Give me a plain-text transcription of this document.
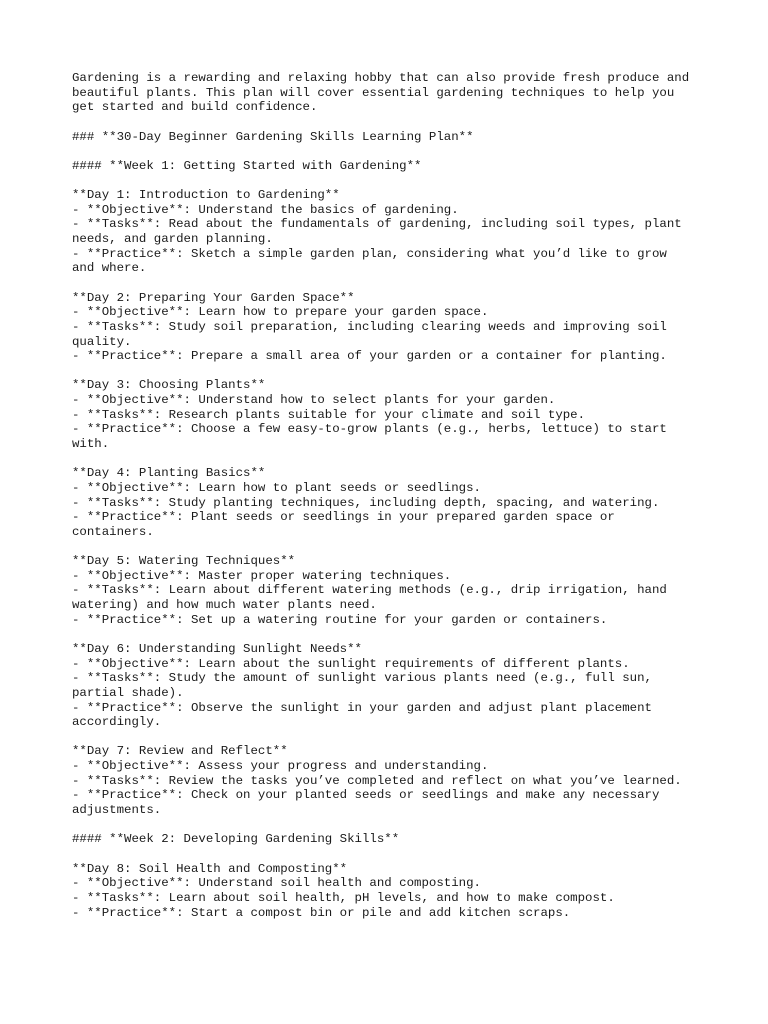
Gardening is a rewarding and relaxing hobby that can also provide fresh produce and
beautiful plants. This plan will cover essential gardening techniques to help you
get started and build confidence.
### **30-Day Beginner Gardening Skills Learning Plan**
#### **Week 1: Getting Started with Gardening**
**Day 1: Introduction to Gardening**
- **Objective**: Understand the basics of gardening.
- **Tasks**: Read about the fundamentals of gardening, including soil types, plant
needs, and garden planning.
- **Practice**: Sketch a simple garden plan, considering what you’d like to grow
and where.
**Day 2: Preparing Your Garden Space**
- **Objective**: Learn how to prepare your garden space.
- **Tasks**: Study soil preparation, including clearing weeds and improving soil
quality.
- **Practice**: Prepare a small area of your garden or a container for planting.
**Day 3: Choosing Plants**
- **Objective**: Understand how to select plants for your garden.
- **Tasks**: Research plants suitable for your climate and soil type.
- **Practice**: Choose a few easy-to-grow plants (e.g., herbs, lettuce) to start
with.
**Day 4: Planting Basics**
- **Objective**: Learn how to plant seeds or seedlings.
- **Tasks**: Study planting techniques, including depth, spacing, and watering.
- **Practice**: Plant seeds or seedlings in your prepared garden space or
containers.
**Day 5: Watering Techniques**
- **Objective**: Master proper watering techniques.
- **Tasks**: Learn about different watering methods (e.g., drip irrigation, hand
watering) and how much water plants need.
- **Practice**: Set up a watering routine for your garden or containers.
**Day 6: Understanding Sunlight Needs**
- **Objective**: Learn about the sunlight requirements of different plants.
- **Tasks**: Study the amount of sunlight various plants need (e.g., full sun,
partial shade).
- **Practice**: Observe the sunlight in your garden and adjust plant placement
accordingly.
**Day 7: Review and Reflect**
- **Objective**: Assess your progress and understanding.
- **Tasks**: Review the tasks you’ve completed and reflect on what you’ve learned.
- **Practice**: Check on your planted seeds or seedlings and make any necessary
adjustments.
#### **Week 2: Developing Gardening Skills**
**Day 8: Soil Health and Composting**
- **Objective**: Understand soil health and composting.
- **Tasks**: Learn about soil health, pH levels, and how to make compost.
- **Practice**: Start a compost bin or pile and add kitchen scraps.
